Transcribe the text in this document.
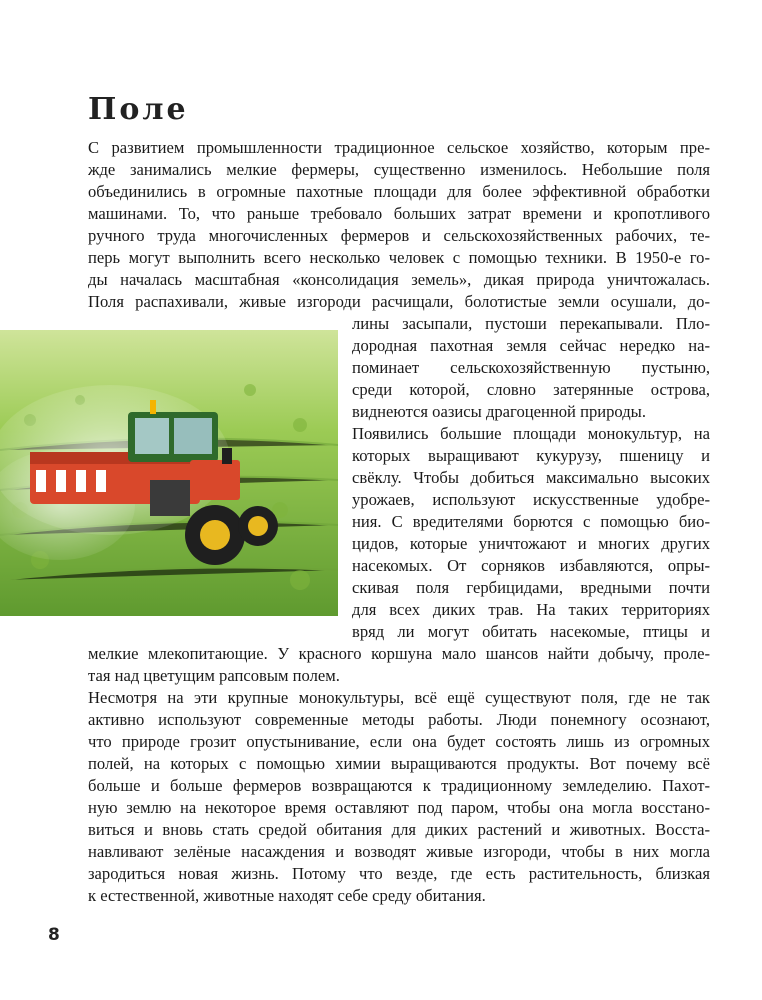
Поле
С развитием промышленности традиционное сельское хозяйство, которым пре-
жде занимались мелкие фермеры, существенно изменилось. Небольшие поля
объединились в огромные пахотные площади для более эффективной обработки
машинами. То, что раньше требовало больших затрат времени и кропотливого
ручного труда многочисленных фермеров и сельскохозяйственных рабочих, те-
перь могут выполнить всего несколько человек с помощью техники. В 1950-е го-
ды началась масштабная «консолидация земель», дикая природа уничтожалась.
Поля распахивали, живые изгороди расчищали, болотистые земли осушали, до-
лины засыпали, пустоши перекапывали. Пло-
дородная пахотная земля сейчас нередко на-
поминает сельскохозяйственную пустыню,
среди которой, словно затерянные острова,
виднеются оазисы драгоценной природы.
Появились большие площади монокультур, на
которых выращивают кукурузу, пшеницу и
свёклу. Чтобы добиться максимально высоких
урожаев, используют искусственные удобре-
ния. С вредителями борются с помощью био-
цидов, которые уничтожают и многих других
насекомых. От сорняков избавляются, опры-
скивая поля гербицидами, вредными почти
для всех диких трав. На таких территориях
вряд ли могут обитать насекомые, птицы и
мелкие млекопитающие. У красного коршуна мало шансов найти добычу, проле-
тая над цветущим рапсовым полем.
Несмотря на эти крупные монокультуры, всё ещё существуют поля, где не так
активно используют современные методы работы. Люди понемногу осознают,
что природе грозит опустынивание, если она будет состоять лишь из огромных
полей, на которых с помощью химии выращиваются продукты. Вот почему всё
больше и больше фермеров возвращаются к традиционному земледелию. Пахот-
ную землю на некоторое время оставляют под паром, чтобы она могла восстано-
виться и вновь стать средой обитания для диких растений и животных. Восста-
навливают зелёные насаждения и возводят живые изгороди, чтобы в них могла
зародиться новая жизнь. Потому что везде, где есть растительность, близкая
к естественной, животные находят себе среду обитания.
8
